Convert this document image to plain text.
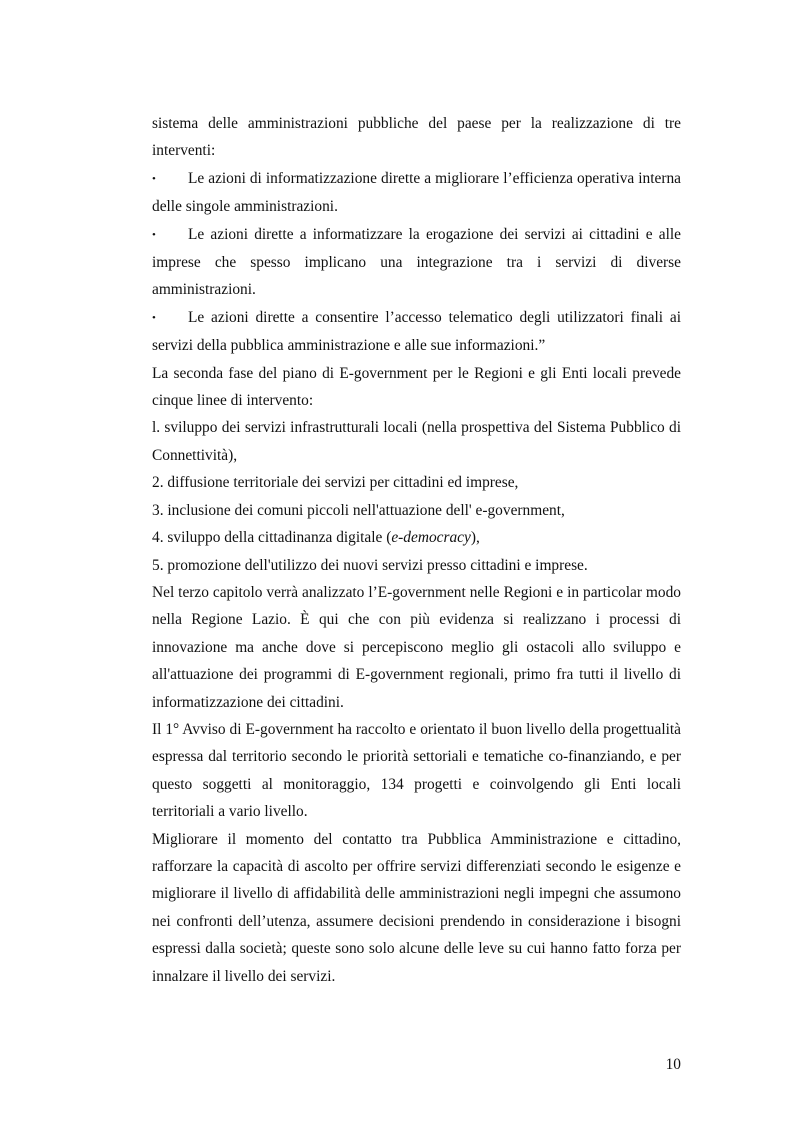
sistema delle amministrazioni pubbliche del paese per la realizzazione di tre interventi:

• Le azioni di informatizzazione dirette a migliorare l’efficienza operativa interna delle singole amministrazioni.

• Le azioni dirette a informatizzare la erogazione dei servizi ai cittadini e alle imprese che spesso implicano una integrazione tra i servizi di diverse amministrazioni.

• Le azioni dirette a consentire l’accesso telematico degli utilizzatori finali ai servizi della pubblica amministrazione e alle sue informazioni.”

La seconda fase del piano di E-government per le Regioni e gli Enti locali prevede cinque linee di intervento:

l. sviluppo dei servizi infrastrutturali locali (nella prospettiva del Sistema Pubblico di Connettività),

2. diffusione territoriale dei servizi per cittadini ed imprese,

3. inclusione dei comuni piccoli nell'attuazione dell' e-government,

4. sviluppo della cittadinanza digitale (e-democracy),

5. promozione dell'utilizzo dei nuovi servizi presso cittadini e imprese.

Nel terzo capitolo verrà analizzato l’E-government nelle Regioni e in particolar modo nella Regione Lazio. È qui che con più evidenza si realizzano i processi di innovazione ma anche dove si percepiscono meglio gli ostacoli allo sviluppo e all'attuazione dei programmi di E-government regionali, primo fra tutti il livello di informatizzazione dei cittadini.

Il 1° Avviso di E-government ha raccolto e orientato il buon livello della progettualità espressa dal territorio secondo le priorità settoriali e tematiche co-finanziando, e per questo soggetti al monitoraggio, 134 progetti e coinvolgendo gli Enti locali territoriali a vario livello.

Migliorare il momento del contatto tra Pubblica Amministrazione e cittadino, rafforzare la capacità di ascolto per offrire servizi differenziati secondo le esigenze e migliorare il livello di affidabilità delle amministrazioni negli impegni che assumono nei confronti dell’utenza, assumere decisioni prendendo in considerazione i bisogni espressi dalla società; queste sono solo alcune delle leve su cui hanno fatto forza per innalzare il livello dei servizi.

10
